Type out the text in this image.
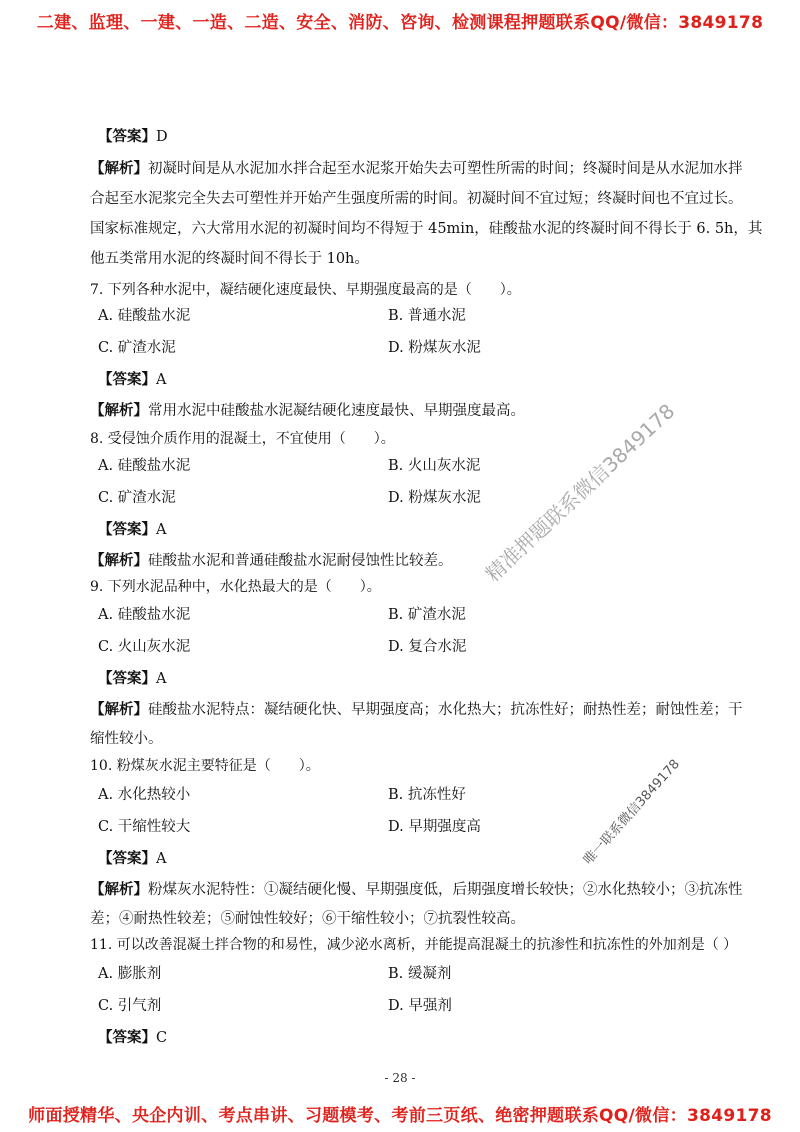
二建、监理、一建、一造、二造、安全、消防、咨询、检测课程押题联系QQ/微信：3849178
【答案】D
【解析】初凝时间是从水泥加水拌合起至水泥浆开始失去可塑性所需的时间；终凝时间是从水泥加水拌
合起至水泥浆完全失去可塑性并开始产生强度所需的时间。初凝时间不宜过短；终凝时间也不宜过长。
国家标准规定，六大常用水泥的初凝时间均不得短于 45min，硅酸盐水泥的终凝时间不得长于 6. 5h，其
他五类常用水泥的终凝时间不得长于 10h。
7. 下列各种水泥中，凝结硬化速度最快、早期强度最高的是（　　）。
A. 硅酸盐水泥	B. 普通水泥
C. 矿渣水泥	D. 粉煤灰水泥
【答案】A
【解析】常用水泥中硅酸盐水泥凝结硬化速度最快、早期强度最高。
8. 受侵蚀介质作用的混凝土，不宜使用（　　）。
A. 硅酸盐水泥	B. 火山灰水泥
C. 矿渣水泥	D. 粉煤灰水泥
【答案】A
【解析】硅酸盐水泥和普通硅酸盐水泥耐侵蚀性比较差。
9. 下列水泥品种中，水化热最大的是（　　）。
A. 硅酸盐水泥	B. 矿渣水泥
C. 火山灰水泥	D. 复合水泥
【答案】A
【解析】硅酸盐水泥特点：凝结硬化快、早期强度高；水化热大；抗冻性好；耐热性差；耐蚀性差；干
缩性较小。
10. 粉煤灰水泥主要特征是（　　）。
A. 水化热较小	B. 抗冻性好
C. 干缩性较大	D. 早期强度高
【答案】A
【解析】粉煤灰水泥特性：①凝结硬化慢、早期强度低，后期强度增长较快；②水化热较小；③抗冻性
差；④耐热性较差；⑤耐蚀性较好；⑥干缩性较小；⑦抗裂性较高。
11. 可以改善混凝土拌合物的和易性，减少泌水离析，并能提高混凝土的抗渗性和抗冻性的外加剂是（ ）
A. 膨胀剂	B. 缓凝剂
C. 引气剂	D. 早强剂
【答案】C
精准押题联系微信3849178
唯一联系微信3849178
- 28 -
师面授精华、央企内训、考点串讲、习题模考、考前三页纸、绝密押题联系QQ/微信：3849178
